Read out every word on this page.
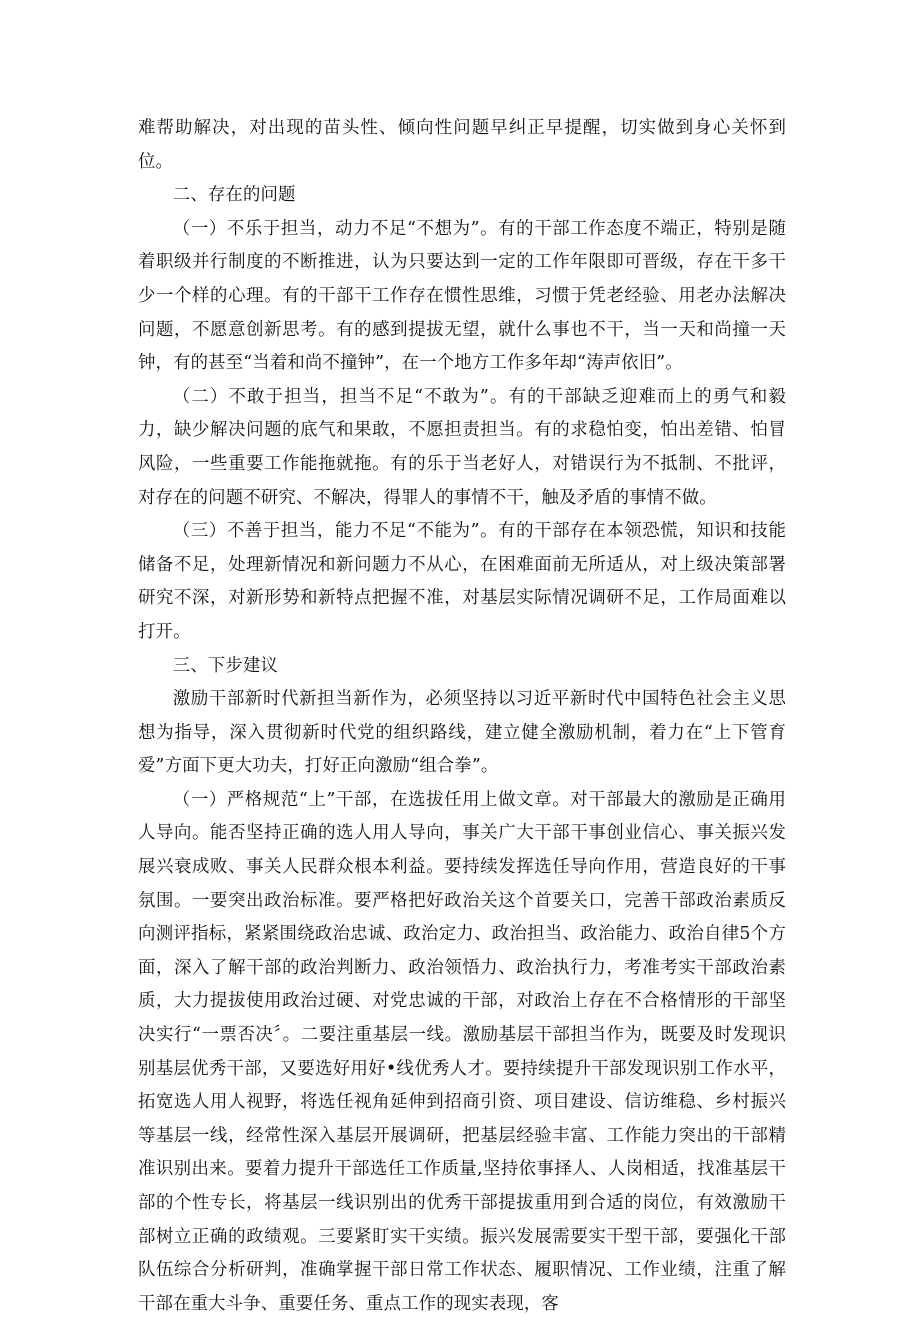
难帮助解决，对出现的苗头性、倾向性问题早纠正早提醒，切实做到身心关怀到位。

二、存在的问题

（一）不乐于担当，动力不足“不想为”。有的干部工作态度不端正，特别是随着职级并行制度的不断推进，认为只要达到一定的工作年限即可晋级，存在干多干少一个样的心理。有的干部干工作存在惯性思维，习惯于凭老经验、用老办法解决问题，不愿意创新思考。有的感到提拔无望，就什么事也不干，当一天和尚撞一天钟，有的甚至“当着和尚不撞钟”，在一个地方工作多年却“涛声依旧”。

（二）不敢于担当，担当不足“不敢为”。有的干部缺乏迎难而上的勇气和毅力，缺少解决问题的底气和果敢，不愿担责担当。有的求稳怕变，怕出差错、怕冒风险，一些重要工作能拖就拖。有的乐于当老好人，对错误行为不抵制、不批评，对存在的问题不研究、不解决，得罪人的事情不干，触及矛盾的事情不做。

（三）不善于担当，能力不足“不能为”。有的干部存在本领恐慌，知识和技能储备不足，处理新情况和新问题力不从心，在困难面前无所适从，对上级决策部署研究不深，对新形势和新特点把握不准，对基层实际情况调研不足，工作局面难以打开。

三、下步建议

激励干部新时代新担当新作为，必须坚持以习近平新时代中国特色社会主义思想为指导，深入贯彻新时代党的组织路线，建立健全激励机制，着力在“上下管育爱”方面下更大功夫，打好正向激励“组合拳”。

（一）严格规范“上”干部，在选拔任用上做文章。对干部最大的激励是正确用人导向。能否坚持正确的选人用人导向，事关广大干部干事创业信心、事关振兴发展兴衰成败、事关人民群众根本利益。要持续发挥选任导向作用，营造良好的干事氛围。一要突出政治标准。要严格把好政治关这个首要关口，完善干部政治素质反向测评指标，紧紧围绕政治忠诚、政治定力、政治担当、政治能力、政治自律5个方面，深入了解干部的政治判断力、政治领悟力、政治执行力，考准考实干部政治素质，大力提拔使用政治过硬、对党忠诚的干部，对政治上存在不合格情形的干部坚决实行“一票否决〞。二要注重基层一线。激励基层干部担当作为，既要及时发现识别基层优秀干部，又要选好用好•线优秀人才。要持续提升干部发现识别工作水平，拓宽选人用人视野，将选任视角延伸到招商引资、项目建设、信访维稳、乡村振兴等基层一线，经常性深入基层开展调研，把基层经验丰富、工作能力突出的干部精准识别出来。要着力提升干部选任工作质量,坚持依事择人、人岗相适，找准基层干部的个性专长，将基层一线识别出的优秀干部提拔重用到合适的岗位，有效激励干部树立正确的政绩观。三要紧盯实干实绩。振兴发展需要实干型干部，要强化干部队伍综合分析研判，准确掌握干部日常工作状态、履职情况、工作业绩，注重了解干部在重大斗争、重要任务、重点工作的现实表现，客
